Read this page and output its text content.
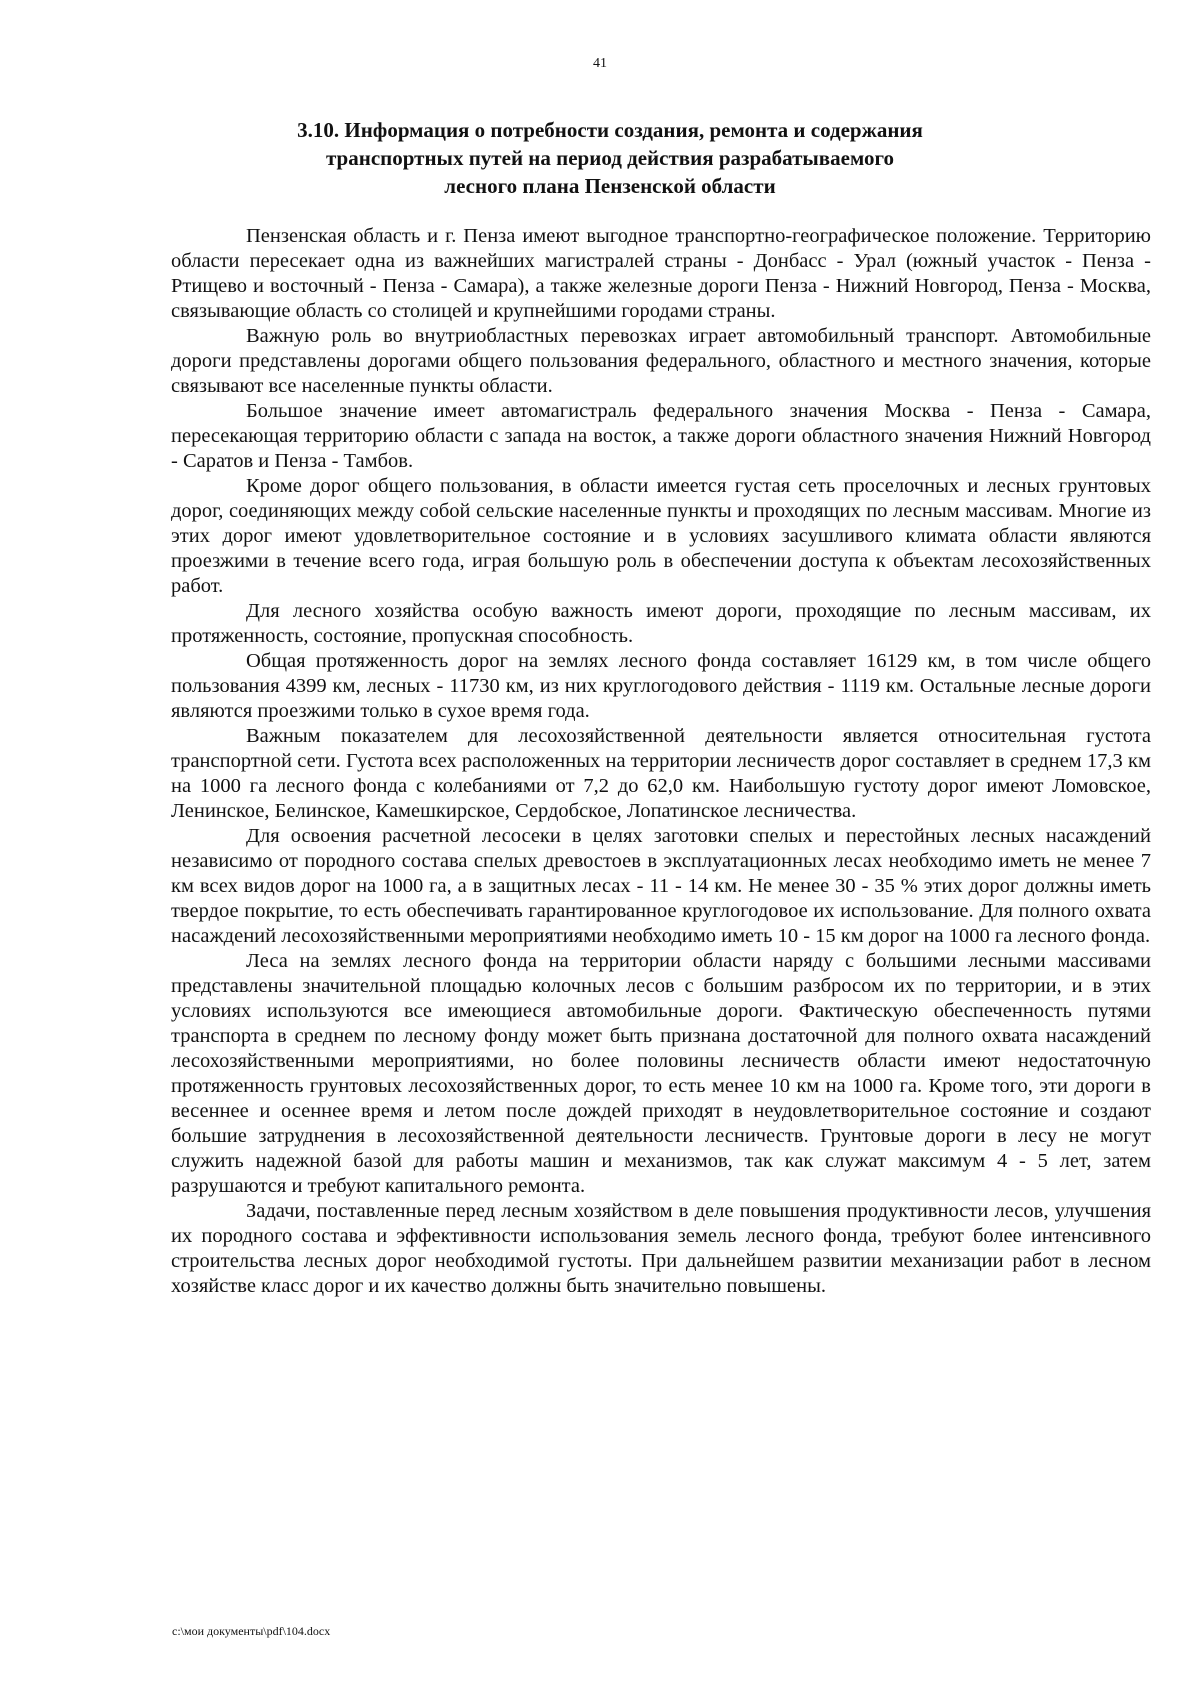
41
3.10. Информация о потребности создания, ремонта и содержания
транспортных путей на период действия разрабатываемого
лесного плана Пензенской области

Пензенская область и г. Пенза имеют выгодное транспортно-географическое положение. Территорию области пересекает одна из важнейших магистралей страны - Донбасс - Урал (южный участок - Пенза - Ртищево и восточный - Пенза - Самара), а также железные дороги Пенза - Нижний Новгород, Пенза - Москва, связывающие область со столицей и крупнейшими городами страны.

Важную роль во внутриобластных перевозках играет автомобильный транспорт. Автомобильные дороги представлены дорогами общего пользования федерального, областного и местного значения, которые связывают все населенные пункты области.

Большое значение имеет автомагистраль федерального значения Москва - Пенза - Самара, пересекающая территорию области с запада на восток, а также дороги областного значения Нижний Новгород - Саратов и Пенза - Тамбов.

Кроме дорог общего пользования, в области имеется густая сеть проселочных и лесных грунтовых дорог, соединяющих между собой сельские населенные пункты и проходящих по лесным массивам. Многие из этих дорог имеют удовлетворительное состояние и в условиях засушливого климата области являются проезжими в течение всего года, играя большую роль в обеспечении доступа к объектам лесохозяйственных работ.

Для лесного хозяйства особую важность имеют дороги, проходящие по лесным массивам, их протяженность, состояние, пропускная способность.

Общая протяженность дорог на землях лесного фонда составляет 16129 км, в том числе общего пользования 4399 км, лесных - 11730 км, из них круглогодового действия - 1119 км. Остальные лесные дороги являются проезжими только в сухое время года.

Важным показателем для лесохозяйственной деятельности является относительная густота транспортной сети. Густота всех расположенных на территории лесничеств дорог составляет в среднем 17,3 км на 1000 га лесного фонда с колебаниями от 7,2 до 62,0 км. Наибольшую густоту дорог имеют Ломовское, Ленинское, Белинское, Камешкирское, Сердобское, Лопатинское лесничества.

Для освоения расчетной лесосеки в целях заготовки спелых и перестойных лесных насаждений независимо от породного состава спелых древостоев в эксплуатационных лесах необходимо иметь не менее 7 км всех видов дорог на 1000 га, а в защитных лесах - 11 - 14 км. Не менее 30 - 35 % этих дорог должны иметь твердое покрытие, то есть обеспечивать гарантированное круглогодовое их использование. Для полного охвата насаждений лесохозяйственными мероприятиями необходимо иметь 10 - 15 км дорог на 1000 га лесного фонда.

Леса на землях лесного фонда на территории области наряду с большими лесными массивами представлены значительной площадью колочных лесов с большим разбросом их по территории, и в этих условиях используются все имеющиеся автомобильные дороги. Фактическую обеспеченность путями транспорта в среднем по лесному фонду может быть признана достаточной для полного охвата насаждений лесохозяйственными мероприятиями, но более половины лесничеств области имеют недостаточную протяженность грунтовых лесохозяйственных дорог, то есть менее 10 км на 1000 га. Кроме того, эти дороги в весеннее и осеннее время и летом после дождей приходят в неудовлетворительное состояние и создают большие затруднения в лесохозяйственной деятельности лесничеств. Грунтовые дороги в лесу не могут служить надежной базой для работы машин и механизмов, так как служат максимум 4 - 5 лет, затем разрушаются и требуют капитального ремонта.

Задачи, поставленные перед лесным хозяйством в деле повышения продуктивности лесов, улучшения их породного состава и эффективности использования земель лесного фонда, требуют более интенсивного строительства лесных дорог необходимой густоты. При дальнейшем развитии механизации работ в лесном хозяйстве класс дорог и их качество должны быть значительно повышены.

c:\мои документы\pdf\104.docx
